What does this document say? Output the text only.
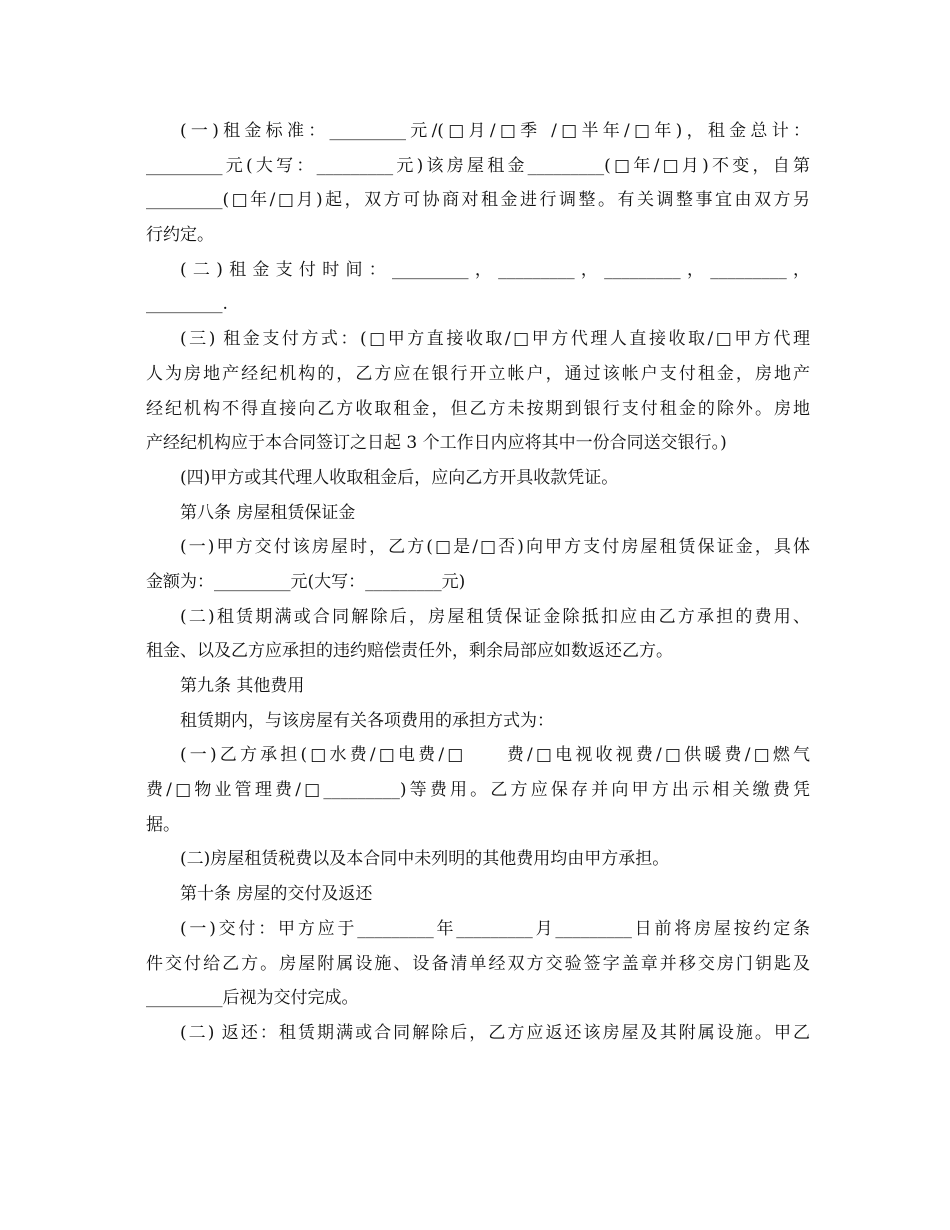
(一)租金标准：_________元/(□月/□季 /□半年/□年)，租金总计：
_________元(大写：_________元)该房屋租金_________(□年/□月)不变，自第
_________(□年/□月)起，双方可协商对租金进行调整。有关调整事宜由双方另
行约定。
(二)租金支付时间：_________，_________，_________，_________，
_________.
(三) 租金支付方式：(□甲方直接收取/□甲方代理人直接收取/□甲方代理
人为房地产经纪机构的，乙方应在银行开立帐户，通过该帐户支付租金，房地产
经纪机构不得直接向乙方收取租金，但乙方未按期到银行支付租金的除外。房地
产经纪机构应于本合同签订之日起 3 个工作日内应将其中一份合同送交银行。)
(四)甲方或其代理人收取租金后，应向乙方开具收款凭证。
第八条 房屋租赁保证金
(一)甲方交付该房屋时，乙方(□是/□否)向甲方支付房屋租赁保证金，具体
金额为：_________元(大写：_________元)
(二)租赁期满或合同解除后，房屋租赁保证金除抵扣应由乙方承担的费用、
租金、以及乙方应承担的违约赔偿责任外，剩余局部应如数返还乙方。
第九条 其他费用
租赁期内，与该房屋有关各项费用的承担方式为：
(一)乙方承担(□水费/□电费/□　　费/□电视收视费/□供暖费/□燃气
费/□物业管理费/□_________)等费用。乙方应保存并向甲方出示相关缴费凭
据。
(二)房屋租赁税费以及本合同中未列明的其他费用均由甲方承担。
第十条 房屋的交付及返还
(一)交付：甲方应于_________年_________月_________日前将房屋按约定条
件交付给乙方。房屋附属设施、设备清单经双方交验签字盖章并移交房门钥匙及
_________后视为交付完成。
(二) 返还：租赁期满或合同解除后，乙方应返还该房屋及其附属设施。甲乙
